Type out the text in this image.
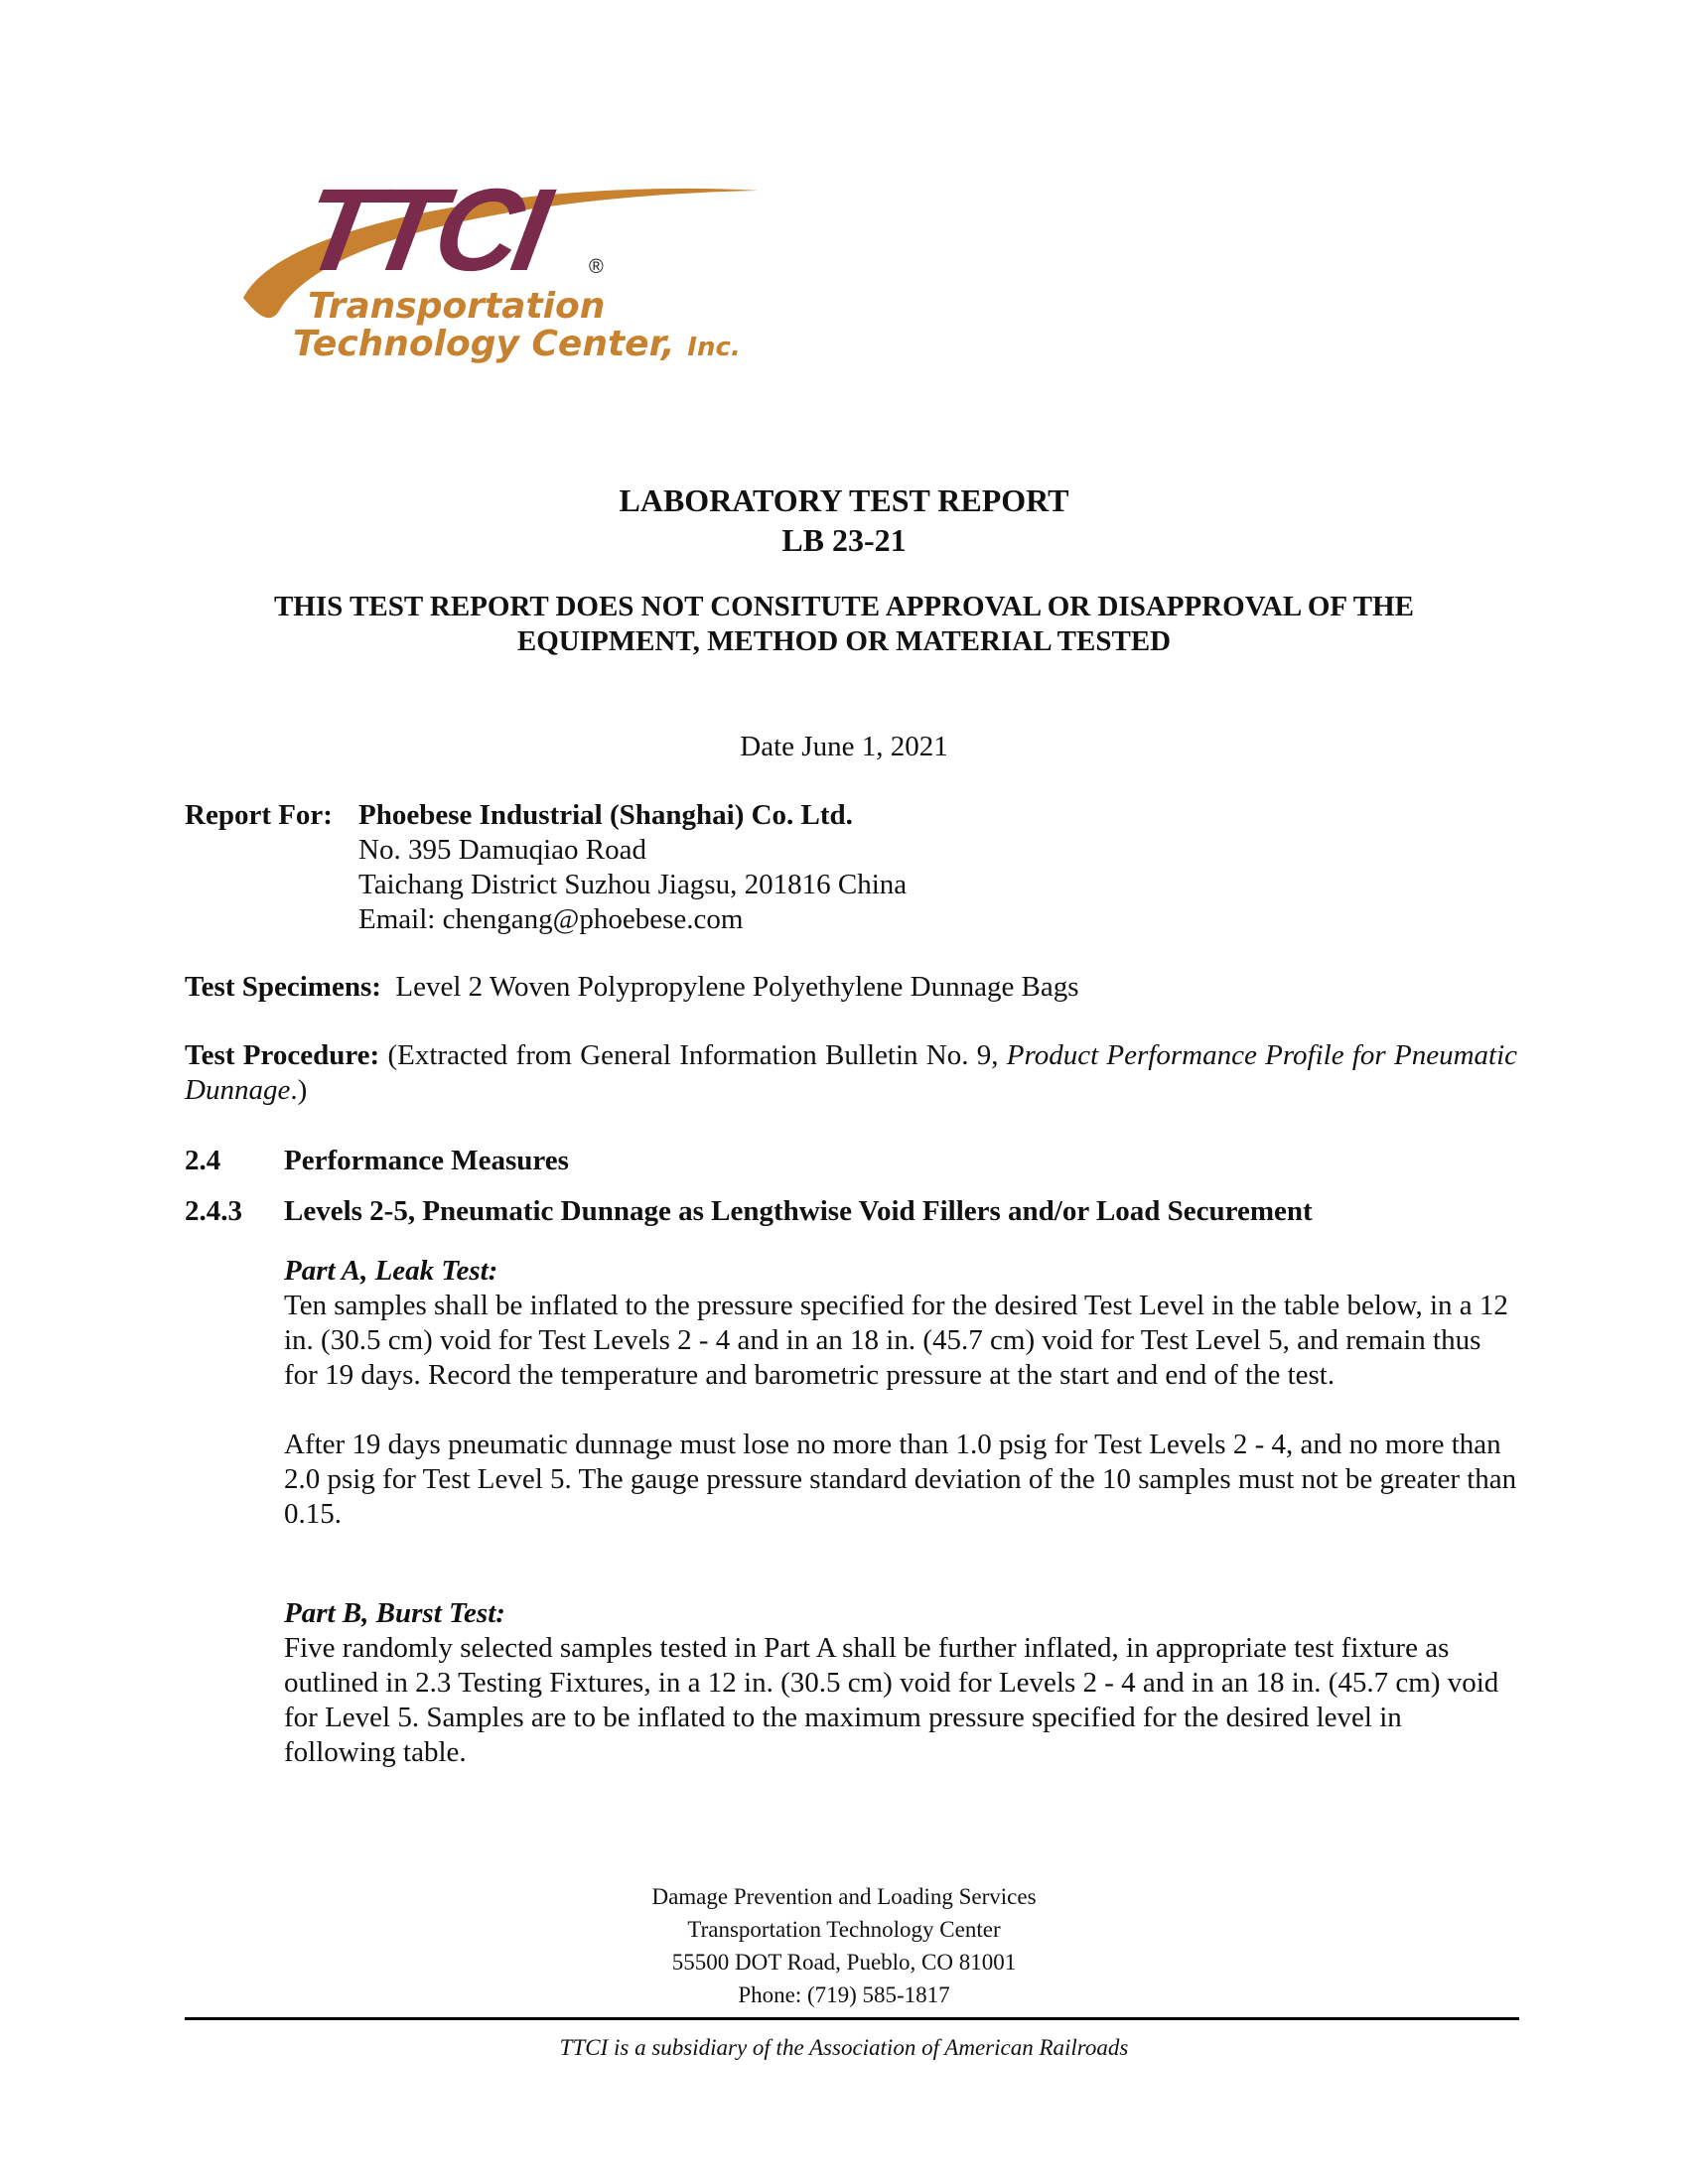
TTCI	®
Transportation
Technology Center, Inc.
LABORATORY TEST REPORT
LB 23-21
THIS TEST REPORT DOES NOT CONSITUTE APPROVAL OR DISAPPROVAL OF THE
EQUIPMENT, METHOD OR MATERIAL TESTED
Date June 1, 2021
Report For: Phoebese Industrial (Shanghai) Co. Ltd.
No. 395 Damuqiao Road
Taichang District Suzhou Jiagsu, 201816 China
Email: chengang@phoebese.com
Test Specimens: Level 2 Woven Polypropylene Polyethylene Dunnage Bags
Test Procedure: (Extracted from General Information Bulletin No. 9, Product Performance Profile for Pneumatic Dunnage.)
2.4 Performance Measures
2.4.3 Levels 2-5, Pneumatic Dunnage as Lengthwise Void Fillers and/or Load Securement
Part A, Leak Test:
Ten samples shall be inflated to the pressure specified for the desired Test Level in the table below, in a 12 in. (30.5 cm) void for Test Levels 2 - 4 and in an 18 in. (45.7 cm) void for Test Level 5, and remain thus for 19 days. Record the temperature and barometric pressure at the start and end of the test.
After 19 days pneumatic dunnage must lose no more than 1.0 psig for Test Levels 2 - 4, and no more than 2.0 psig for Test Level 5. The gauge pressure standard deviation of the 10 samples must not be greater than 0.15.
Part B, Burst Test:
Five randomly selected samples tested in Part A shall be further inflated, in appropriate test fixture as outlined in 2.3 Testing Fixtures, in a 12 in. (30.5 cm) void for Levels 2 - 4 and in an 18 in. (45.7 cm) void for Level 5. Samples are to be inflated to the maximum pressure specified for the desired level in following table.
Damage Prevention and Loading Services
Transportation Technology Center
55500 DOT Road, Pueblo, CO 81001
Phone: (719) 585-1817
TTCI is a subsidiary of the Association of American Railroads
